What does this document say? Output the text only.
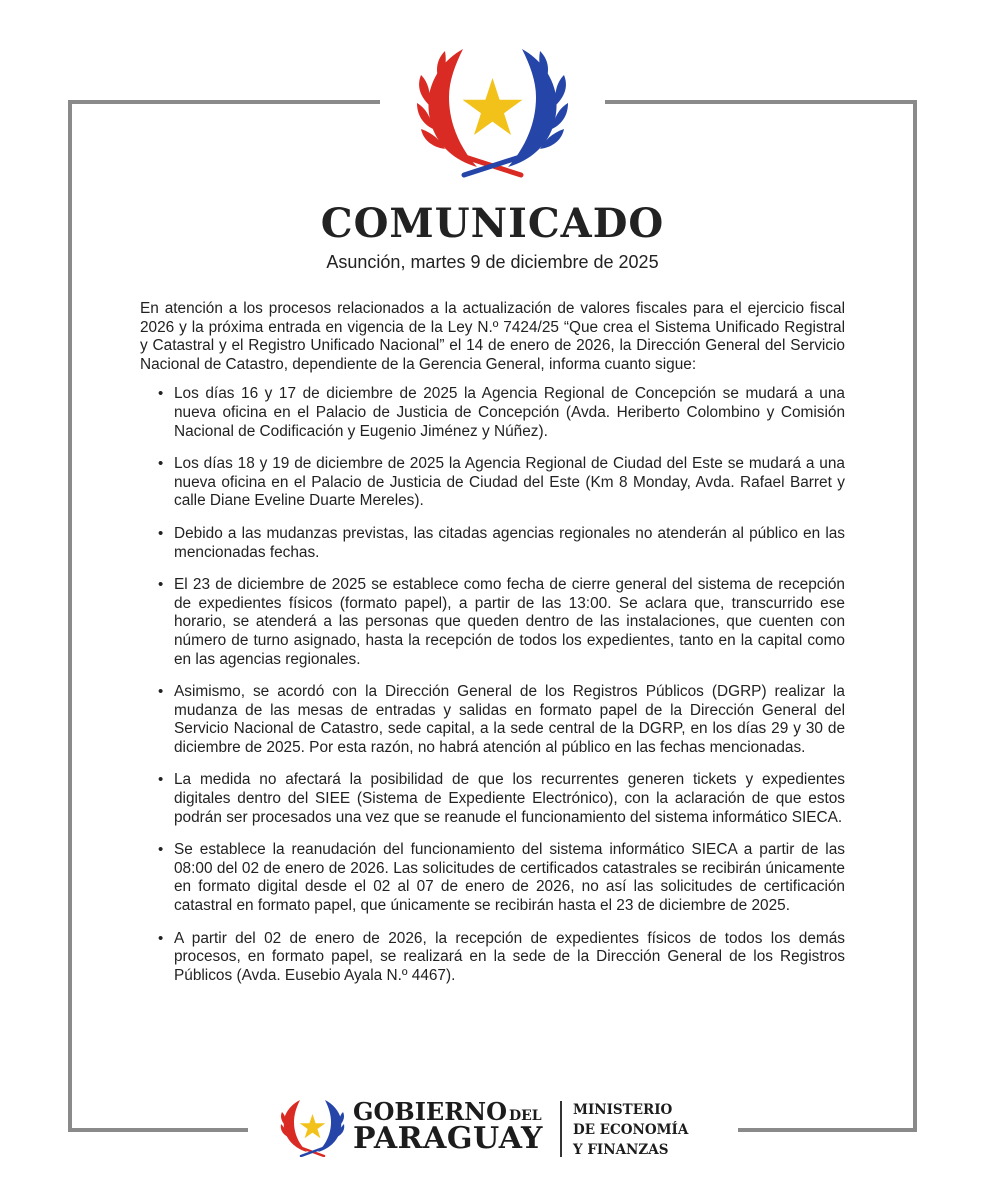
COMUNICADO
Asunción, martes 9 de diciembre de 2025

En atención a los procesos relacionados a la actualización de valores fiscales para el ejercicio fiscal 2026 y la próxima entrada en vigencia de la Ley N.º 7424/25 “Que crea el Sistema Unificado Registral y Catastral y el Registro Unificado Nacional” el 14 de enero de 2026, la Dirección General del Servicio Nacional de Catastro, dependiente de la Gerencia General, informa cuanto sigue:

• Los días 16 y 17 de diciembre de 2025 la Agencia Regional de Concepción se mudará a una nueva oficina en el Palacio de Justicia de Concepción (Avda. Heriberto Colombino y Comisión Nacional de Codificación y Eugenio Jiménez y Núñez).
• Los días 18 y 19 de diciembre de 2025 la Agencia Regional de Ciudad del Este se mudará a una nueva oficina en el Palacio de Justicia de Ciudad del Este (Km 8 Monday, Avda. Rafael Barret y calle Diane Eveline Duarte Mereles).
• Debido a las mudanzas previstas, las citadas agencias regionales no atenderán al público en las mencionadas fechas.
• El 23 de diciembre de 2025 se establece como fecha de cierre general del sistema de recepción de expedientes físicos (formato papel), a partir de las 13:00. Se aclara que, transcurrido ese horario, se atenderá a las personas que queden dentro de las instalaciones, que cuenten con número de turno asignado, hasta la recepción de todos los expedientes, tanto en la capital como en las agencias regionales.
• Asimismo, se acordó con la Dirección General de los Registros Públicos (DGRP) realizar la mudanza de las mesas de entradas y salidas en formato papel de la Dirección General del Servicio Nacional de Catastro, sede capital, a la sede central de la DGRP, en los días 29 y 30 de diciembre de 2025. Por esta razón, no habrá atención al público en las fechas mencionadas.
• La medida no afectará la posibilidad de que los recurrentes generen tickets y expedientes digitales dentro del SIEE (Sistema de Expediente Electrónico), con la aclaración de que estos podrán ser procesados una vez que se reanude el funcionamiento del sistema informático SIECA.
• Se establece la reanudación del funcionamiento del sistema informático SIECA a partir de las 08:00 del 02 de enero de 2026. Las solicitudes de certificados catastrales se recibirán únicamente en formato digital desde el 02 al 07 de enero de 2026, no así las solicitudes de certificación catastral en formato papel, que únicamente se recibirán hasta el 23 de diciembre de 2025.
• A partir del 02 de enero de 2026, la recepción de expedientes físicos de todos los demás procesos, en formato papel, se realizará en la sede de la Dirección General de los Registros Públicos (Avda. Eusebio Ayala N.º 4467).
GOBIERNO DEL
PARAGUAY
MINISTERIO
DE ECONOMÍA
Y FINANZAS
